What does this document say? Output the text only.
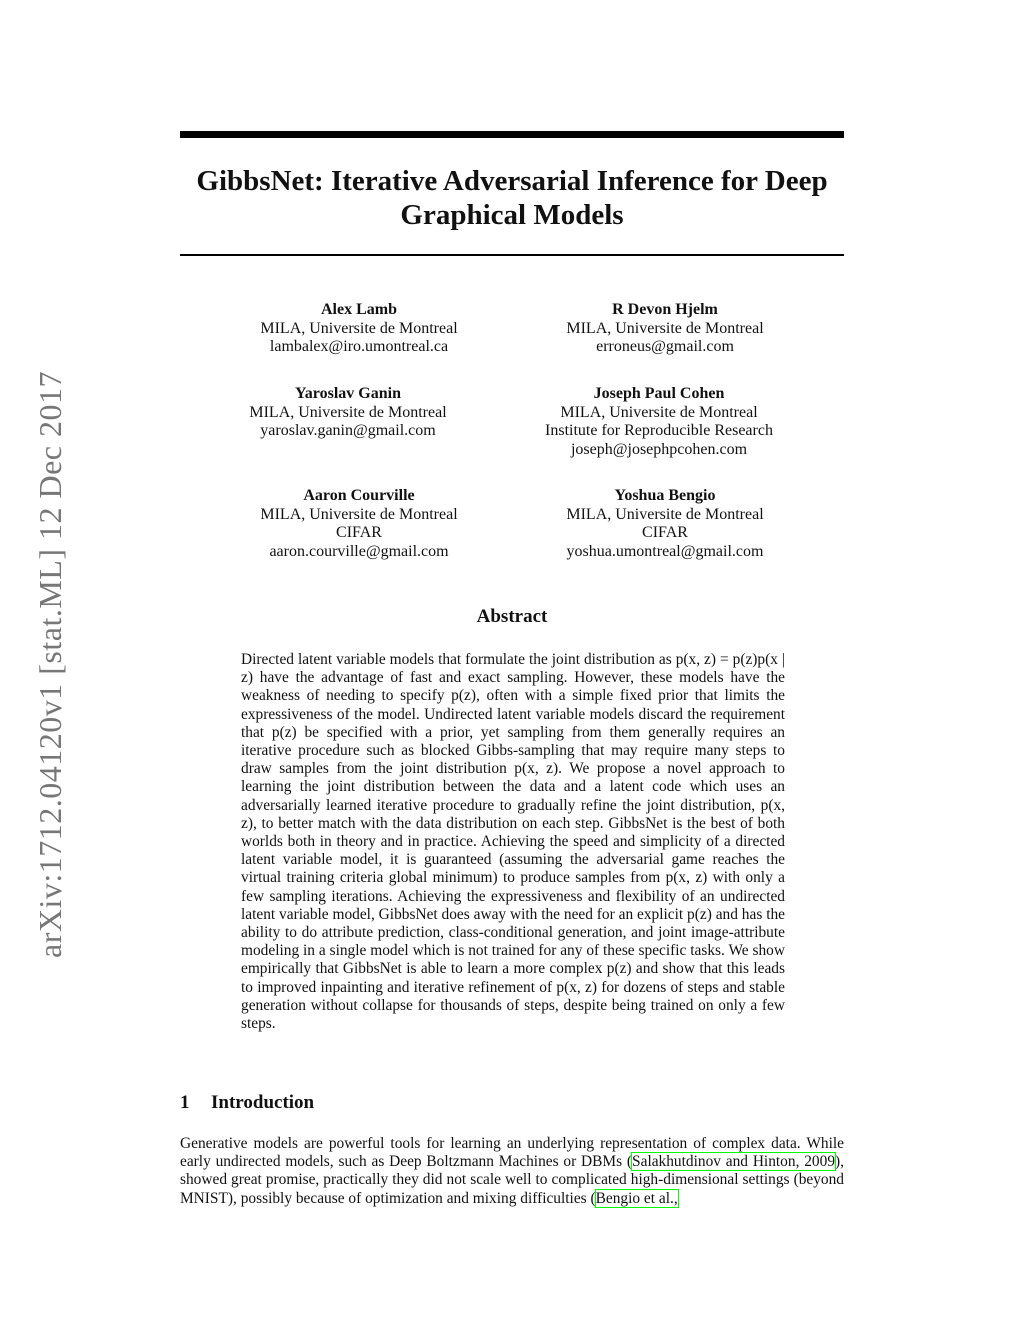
arXiv:1712.04120v1 [stat.ML] 12 Dec 2017
GibbsNet: Iterative Adversarial Inference for Deep Graphical Models
Alex Lamb
MILA, Universite de Montreal
lambalex@iro.umontreal.ca
R Devon Hjelm
MILA, Universite de Montreal
erroneus@gmail.com
Yaroslav Ganin
MILA, Universite de Montreal
yaroslav.ganin@gmail.com
Joseph Paul Cohen
MILA, Universite de Montreal
Institute for Reproducible Research
joseph@josephpcohen.com
Aaron Courville
MILA, Universite de Montreal
CIFAR
aaron.courville@gmail.com
Yoshua Bengio
MILA, Universite de Montreal
CIFAR
yoshua.umontreal@gmail.com
Abstract
Directed latent variable models that formulate the joint distribution as p(x, z) = p(z)p(x | z) have the advantage of fast and exact sampling. However, these models have the weakness of needing to specify p(z), often with a simple fixed prior that limits the expressiveness of the model. Undirected latent variable models discard the requirement that p(z) be specified with a prior, yet sampling from them generally requires an iterative procedure such as blocked Gibbs-sampling that may require many steps to draw samples from the joint distribution p(x, z). We propose a novel approach to learning the joint distribution between the data and a latent code which uses an adversarially learned iterative procedure to gradually refine the joint distribution, p(x, z), to better match with the data distribution on each step. GibbsNet is the best of both worlds both in theory and in practice. Achieving the speed and simplicity of a directed latent variable model, it is guaranteed (assuming the adversarial game reaches the virtual training criteria global minimum) to produce samples from p(x, z) with only a few sampling iterations. Achieving the expressiveness and flexibility of an undirected latent variable model, GibbsNet does away with the need for an explicit p(z) and has the ability to do attribute prediction, class-conditional generation, and joint image-attribute modeling in a single model which is not trained for any of these specific tasks. We show empirically that GibbsNet is able to learn a more complex p(z) and show that this leads to improved inpainting and iterative refinement of p(x, z) for dozens of steps and stable generation without collapse for thousands of steps, despite being trained on only a few steps.
1 Introduction
Generative models are powerful tools for learning an underlying representation of complex data. While early undirected models, such as Deep Boltzmann Machines or DBMs (Salakhutdinov and Hinton, 2009), showed great promise, practically they did not scale well to complicated high-dimensional settings (beyond MNIST), possibly because of optimization and mixing difficulties (Bengio et al.,
